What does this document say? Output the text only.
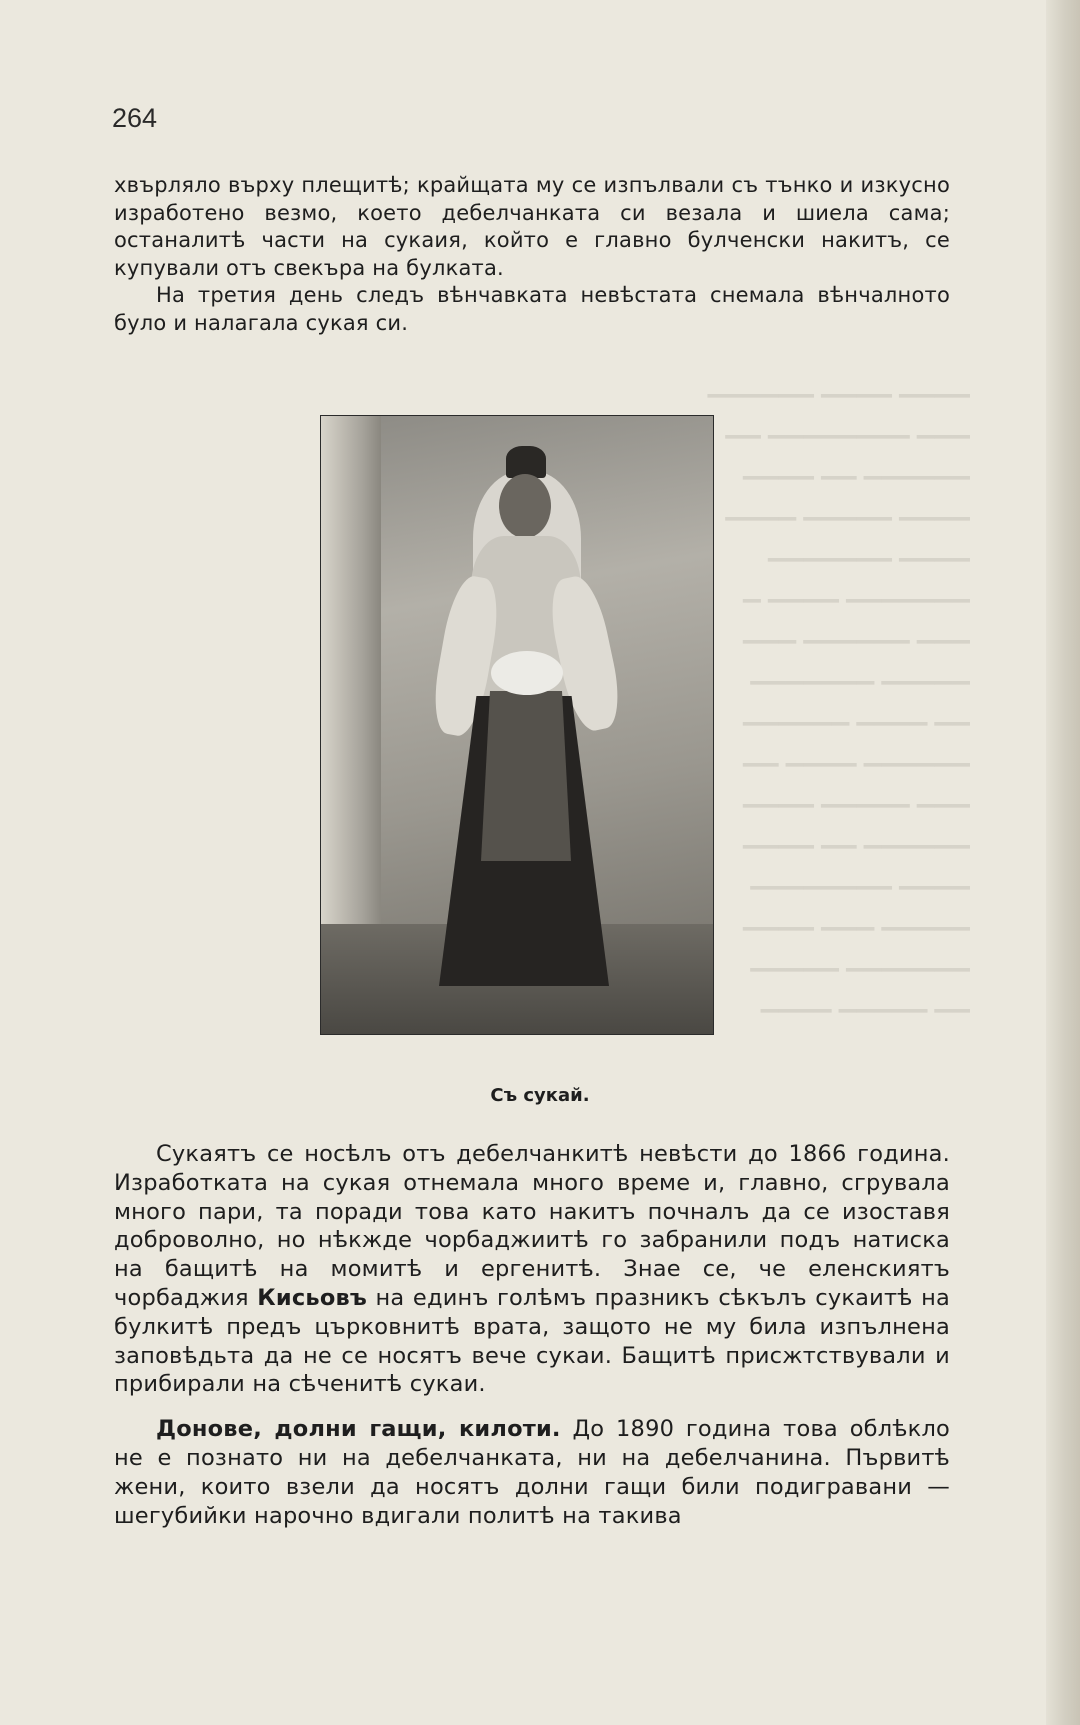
▁▁▁▁ ▁▁▁▁ ▁▁▁▁▁▁
▁▁▁ ▁▁▁▁▁▁▁▁ ▁▁
▁▁▁▁▁▁ ▁▁ ▁▁▁▁
▁▁▁▁ ▁▁▁▁▁ ▁▁▁▁
▁▁▁▁ ▁▁▁▁▁▁▁
▁▁▁▁▁▁▁ ▁▁▁▁ ▁
▁▁▁ ▁▁▁▁▁▁ ▁▁▁
▁▁▁▁▁ ▁▁▁▁▁▁▁
▁▁ ▁▁▁▁ ▁▁▁▁▁▁
▁▁▁▁▁▁ ▁▁▁▁ ▁▁
▁▁▁ ▁▁▁▁▁ ▁▁▁▁
▁▁▁▁▁▁ ▁▁ ▁▁▁▁
▁▁▁▁ ▁▁▁▁▁▁▁▁
▁▁▁▁▁ ▁▁▁ ▁▁▁▁
▁▁▁▁▁▁▁ ▁▁▁▁▁
▁▁ ▁▁▁▁▁ ▁▁▁▁

264

хвърляло върху плещитѣ; крайщата му се изпълвали съ тънко и изкусно изработено везмо, което дебелчанката си везала и шиела сама; останалитѣ части на сукаия, който е главно булченски накитъ, се купували отъ свекъра на булката.

На третия день следъ вѣнчавката невѣстата снемала вѣнчалното було и налагала сукая си.

Съ сукай.

Сукаятъ се носѣлъ отъ дебелчанкитѣ невѣсти до 1866 година. Изработката на сукая отнемала много време и, главно, сгрувала много пари, та поради това като накитъ почналъ да се изоставя доброволно, но нѣкжде чорбаджиитѣ го забранили подъ натиска на бащитѣ на момитѣ и ергенитѣ. Знае се, че еленскиятъ чорбаджия Кисьовъ на единъ голѣмъ празникъ сѣкълъ сукаитѣ на булкитѣ предъ църковнитѣ врата, защото не му била изпълнена заповѣдьта да не се носятъ вече сукаи. Бащитѣ присжтствували и прибирали на сѣченитѣ сукаи.

Донове, долни гащи, килоти. До 1890 година това облѣкло не е познато ни на дебелчанката, ни на дебелчанина. Първитѣ жени, които взели да носятъ долни гащи били подигравани — шегубийки нарочно вдигали политѣ на такива
